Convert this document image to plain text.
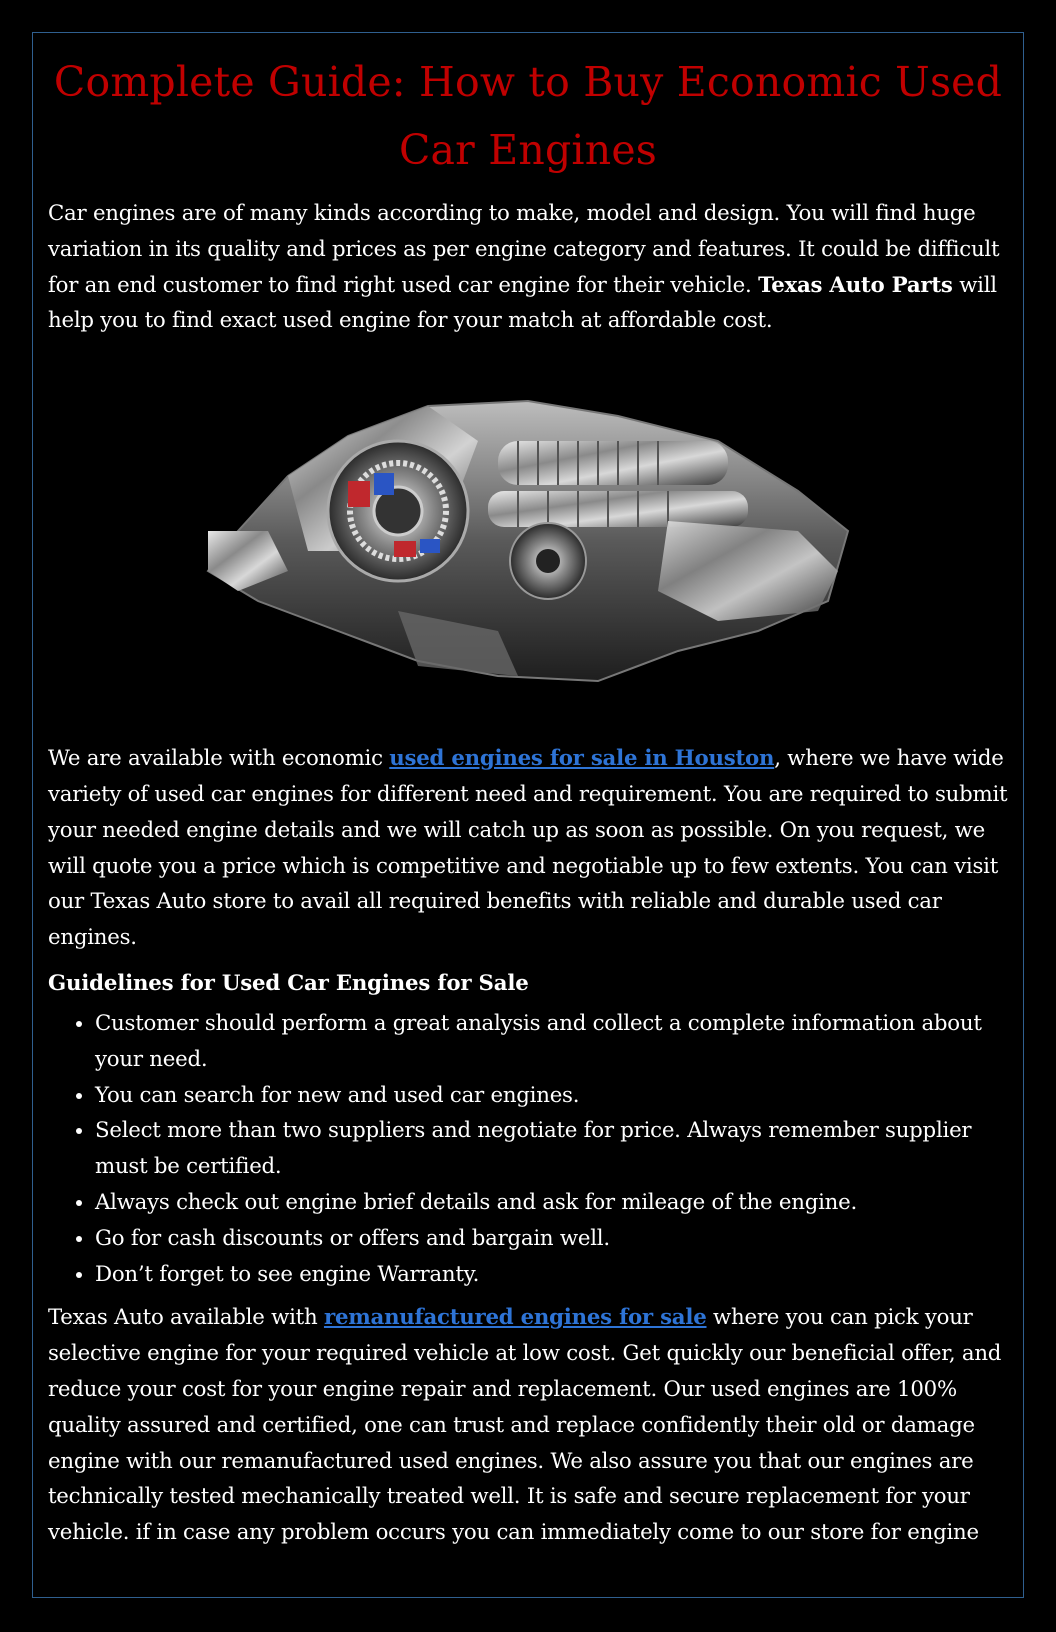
Complete Guide: How to Buy Economic Used Car Engines

Car engines are of many kinds according to make, model and design. You will find huge variation in its quality and prices as per engine category and features. It could be difficult for an end customer to find right used car engine for their vehicle. Texas Auto Parts will help you to find exact used engine for your match at affordable cost.

We are available with economic used engines for sale in Houston, where we have wide variety of used car engines for different need and requirement. You are required to submit your needed engine details and we will catch up as soon as possible. On you request, we will quote you a price which is competitive and negotiable up to few extents. You can visit our Texas Auto store to avail all required benefits with reliable and durable used car engines.

Guidelines for Used Car Engines for Sale
• Customer should perform a great analysis and collect a complete information about your need.
• You can search for new and used car engines.
• Select more than two suppliers and negotiate for price. Always remember supplier must be certified.
• Always check out engine brief details and ask for mileage of the engine.
• Go for cash discounts or offers and bargain well.
• Don’t forget to see engine Warranty.

Texas Auto available with remanufactured engines for sale where you can pick your selective engine for your required vehicle at low cost. Get quickly our beneficial offer, and reduce your cost for your engine repair and replacement. Our used engines are 100% quality assured and certified, one can trust and replace confidently their old or damage engine with our remanufactured used engines. We also assure you that our engines are technically tested mechanically treated well. It is safe and secure replacement for your vehicle. if in case any problem occurs you can immediately come to our store for engine
